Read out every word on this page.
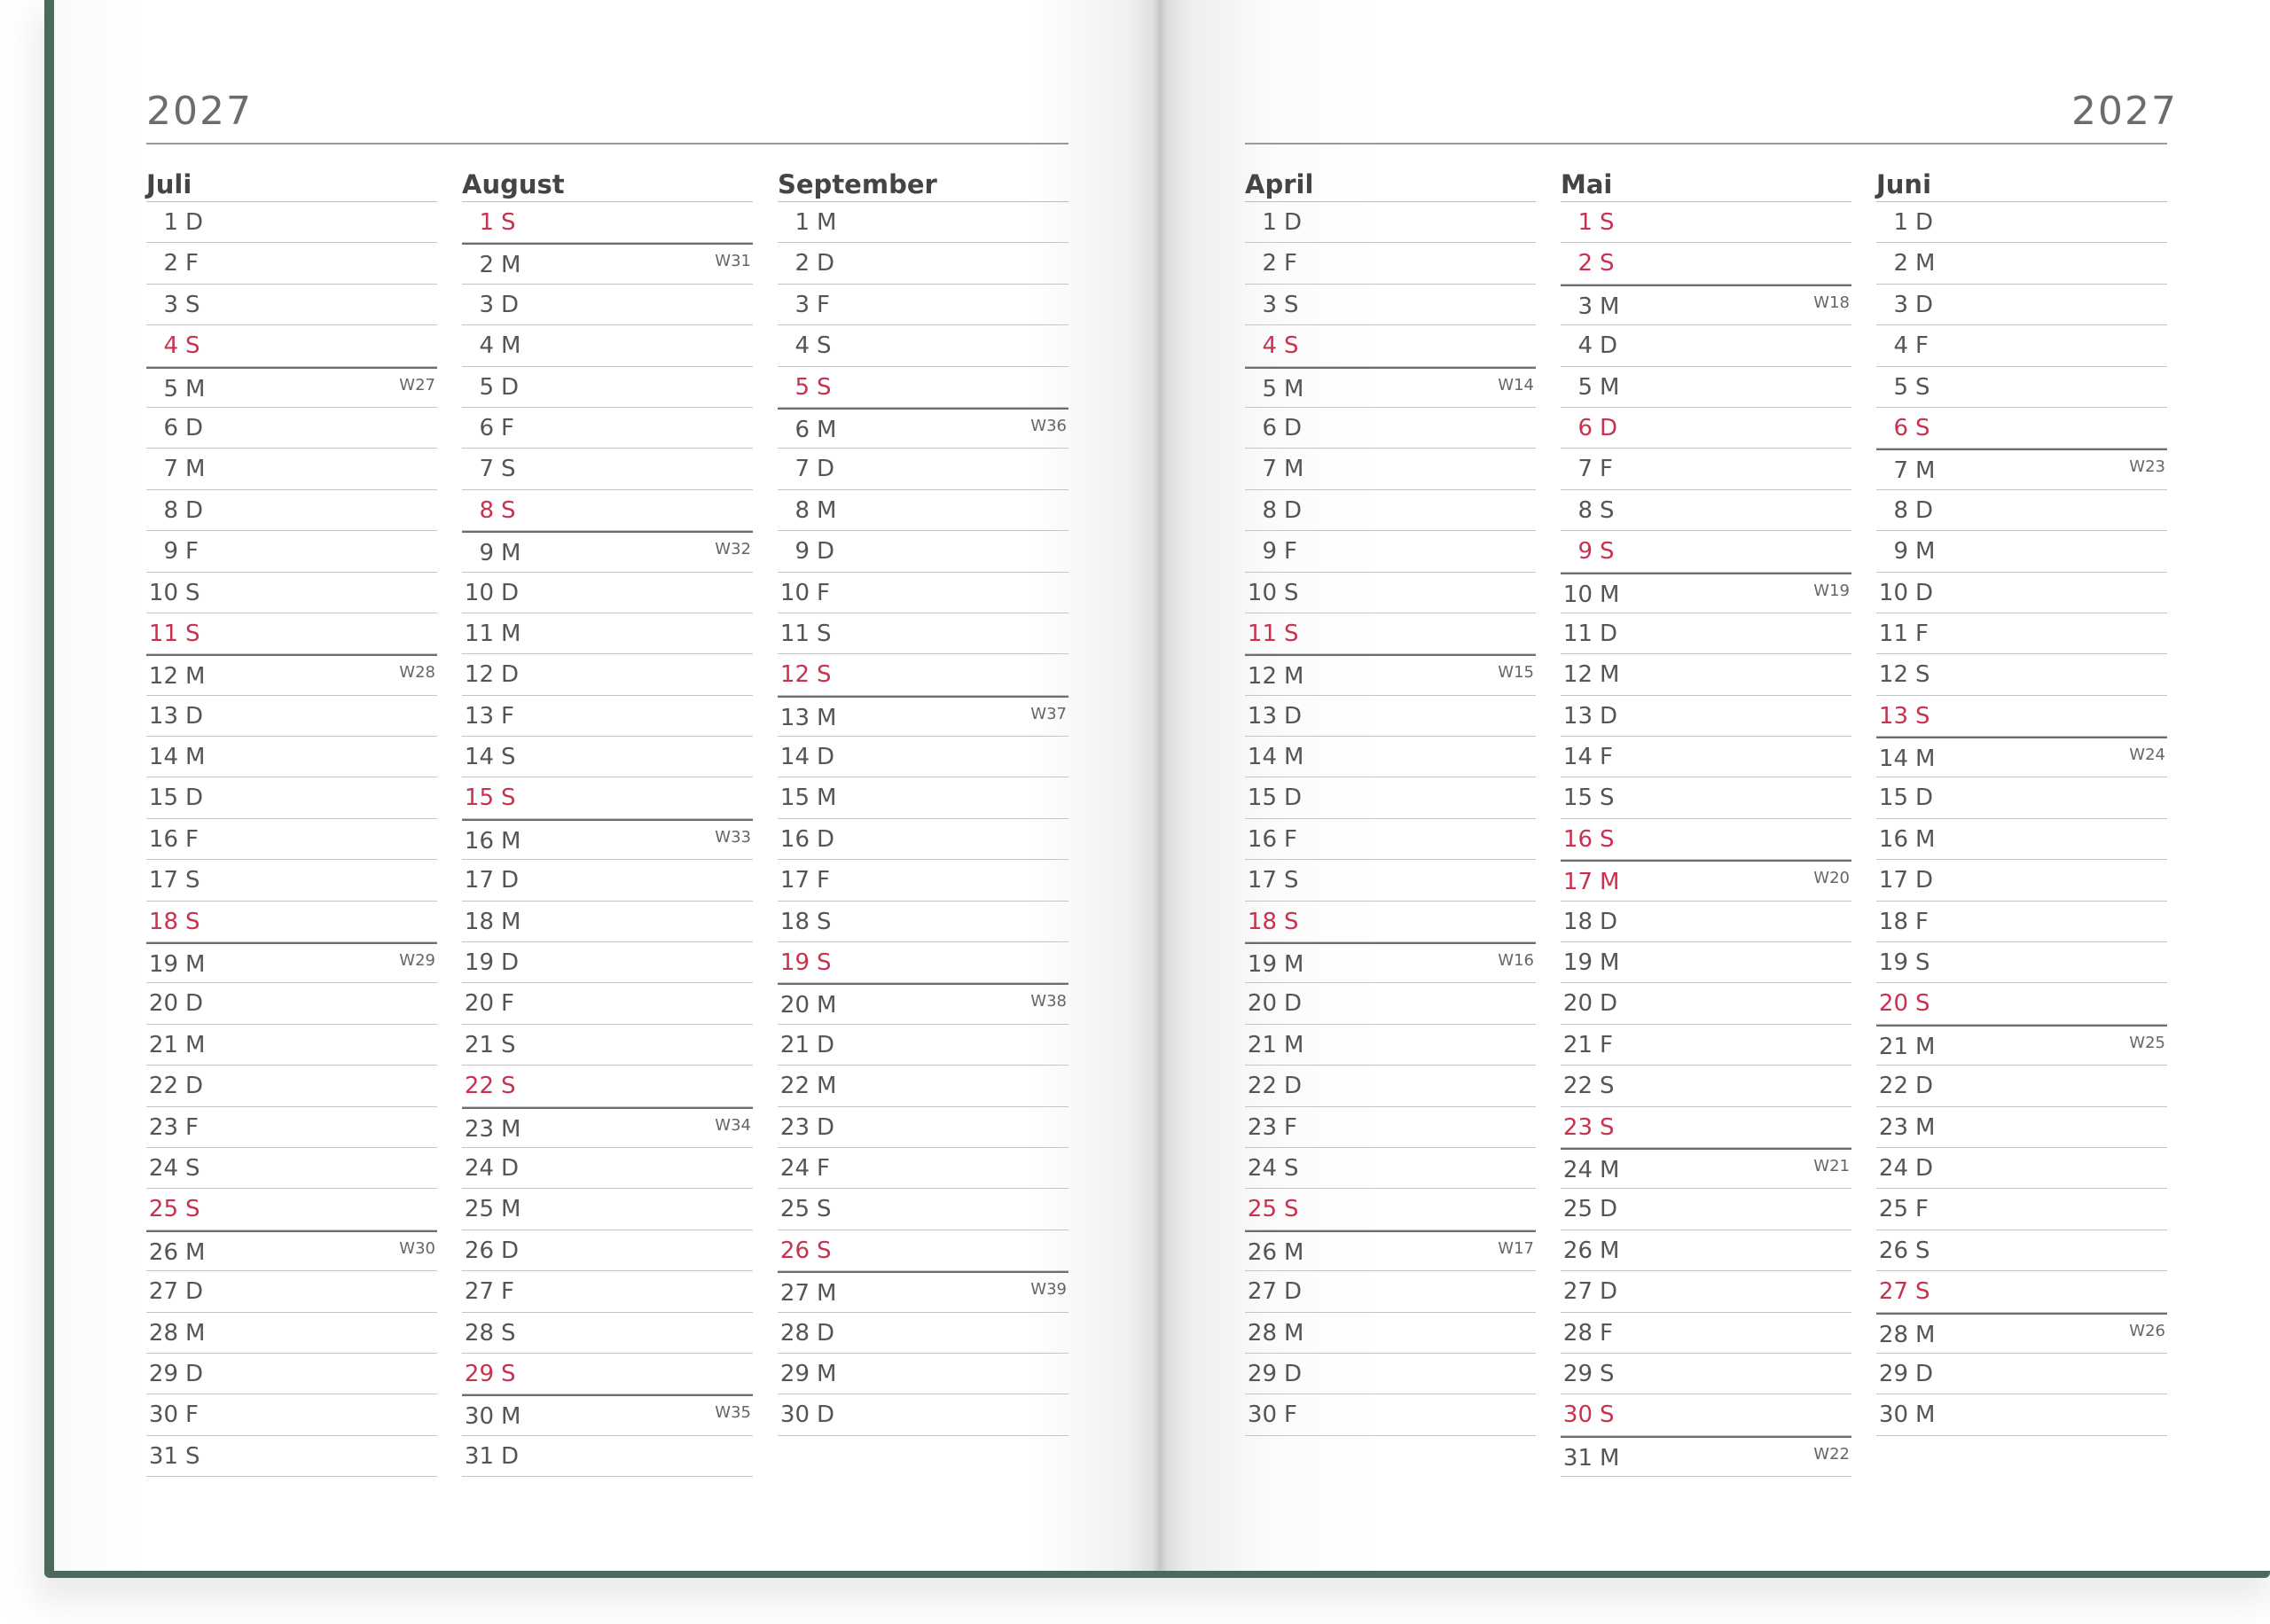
2027
Juli
1 D
2 F
3 S
4 S
5 M	W27
6 D
7 M
8 D
9 F
10 S
11 S
12 M	W28
13 D
14 M
15 D
16 F
17 S
18 S
19 M	W29
20 D
21 M
22 D
23 F
24 S
25 S
26 M	W30
27 D
28 M
29 D
30 F
31 S
August
1 S
2 M	W31
3 D
4 M
5 D
6 F
7 S
8 S
9 M	W32
10 D
11 M
12 D
13 F
14 S
15 S
16 M	W33
17 D
18 M
19 D
20 F
21 S
22 S
23 M	W34
24 D
25 M
26 D
27 F
28 S
29 S
30 M	W35
31 D
September
1 M
2 D
3 F
4 S
5 S
6 M	W36
7 D
8 M
9 D
10 F
11 S
12 S
13 M	W37
14 D
15 M
16 D
17 F
18 S
19 S
20 M	W38
21 D
22 M
23 D
24 F
25 S
26 S
27 M	W39
28 D
29 M
30 D
2027
April
1 D
2 F
3 S
4 S
5 M	W14
6 D
7 M
8 D
9 F
10 S
11 S
12 M	W15
13 D
14 M
15 D
16 F
17 S
18 S
19 M	W16
20 D
21 M
22 D
23 F
24 S
25 S
26 M	W17
27 D
28 M
29 D
30 F
Mai
1 S
2 S
3 M	W18
4 D
5 M
6 D
7 F
8 S
9 S
10 M	W19
11 D
12 M
13 D
14 F
15 S
16 S
17 M	W20
18 D
19 M
20 D
21 F
22 S
23 S
24 M	W21
25 D
26 M
27 D
28 F
29 S
30 S
31 M	W22
Juni
1 D
2 M
3 D
4 F
5 S
6 S
7 M	W23
8 D
9 M
10 D
11 F
12 S
13 S
14 M	W24
15 D
16 M
17 D
18 F
19 S
20 S
21 M	W25
22 D
23 M
24 D
25 F
26 S
27 S
28 M	W26
29 D
30 M
